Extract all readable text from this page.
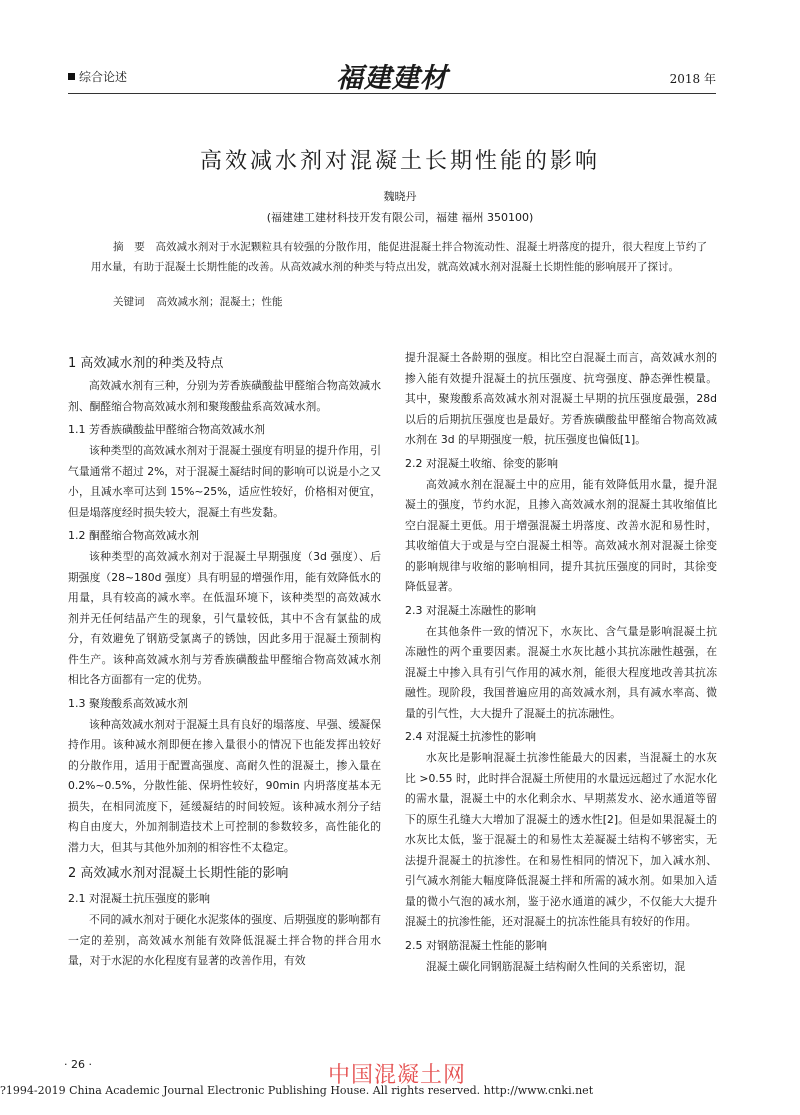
综合论述	福建建材	2018 年
高效减水剂对混凝土长期性能的影响
魏晓丹
(福建建工建材科技开发有限公司，福建 福州 350100)
摘　要　 高效减水剂对于水泥颗粒具有较强的分散作用，能促进混凝土拌合物流动性、混凝土坍落度的提升，很大程度上节约了用水量，有助于混凝土长期性能的改善。从高效减水剂的种类与特点出发，就高效减水剂对混凝土长期性能的影响展开了探讨。
关键词 高效减水剂；混凝土；性能
1 高效减水剂的种类及特点

高效减水剂有三种，分别为芳香族磺酸盐甲醛缩合物高效减水剂、酮醛缩合物高效减水剂和聚羧酸盐系高效减水剂。

1.1 芳香族磺酸盐甲醛缩合物高效减水剂

该种类型的高效减水剂对于混凝土强度有明显的提升作用，引气量通常不超过 2%，对于混凝土凝结时间的影响可以说是小之又小，且减水率可达到 15%~25%，适应性较好，价格相对便宜，但是塌落度经时损失较大，混凝土有些发黏。

1.2 酮醛缩合物高效减水剂

该种类型的高效减水剂对于混凝土早期强度（3d 强度）、后期强度（28~180d 强度）具有明显的增强作用，能有效降低水的用量，具有较高的减水率。在低温环境下，该种类型的高效减水剂并无任何结晶产生的现象，引气量较低，其中不含有氯盐的成分，有效避免了钢筋受氯离子的锈蚀，因此多用于混凝土预制构件生产。该种高效减水剂与芳香族磺酸盐甲醛缩合物高效减水剂相比各方面都有一定的优势。

1.3 聚羧酸系高效减水剂

该种高效减水剂对于混凝土具有良好的塌落度、早强、缓凝保持作用。该种减水剂即便在掺入量很小的情况下也能发挥出较好的分散作用，适用于配置高强度、高耐久性的混凝土，掺入量在 0.2%~0.5%，分散性能、保坍性较好，90min 内坍落度基本无损失，在相同流度下，延缓凝结的时间较短。该种减水剂分子结构自由度大，外加剂制造技术上可控制的参数较多，高性能化的潜力大，但其与其他外加剂的相容性不太稳定。

2 高效减水剂对混凝土长期性能的影响
2.1 对混凝土抗压强度的影响

不同的减水剂对于硬化水泥浆体的强度、后期强度的影响都有一定的差别，高效减水剂能有效降低混凝土拌合物的拌合用水量，对于水泥的水化程度有显著的改善作用，有效

提升混凝土各龄期的强度。相比空白混凝土而言，高效减水剂的掺入能有效提升混凝土的抗压强度、抗弯强度、静态弹性模量。其中，聚羧酸系高效减水剂对混凝土早期的抗压强度最强，28d 以后的后期抗压强度也是最好。芳香族磺酸盐甲醛缩合物高效减水剂在 3d 的早期强度一般，抗压强度也偏低[1]。

2.2 对混凝土收缩、徐变的影响

高效减水剂在混凝土中的应用，能有效降低用水量，提升混凝土的强度，节约水泥，且掺入高效减水剂的混凝土其收缩值比空白混凝土更低。用于增强混凝土坍落度、改善水泥和易性时，其收缩值大于或是与空白混凝土相等。高效减水剂对混凝土徐变的影响规律与收缩的影响相同，提升其抗压强度的同时，其徐变降低显著。

2.3 对混凝土冻融性的影响

在其他条件一致的情况下，水灰比、含气量是影响混凝土抗冻融性的两个重要因素。混凝土水灰比越小其抗冻融性越强，在混凝土中掺入具有引气作用的减水剂，能很大程度地改善其抗冻融性。现阶段，我国普遍应用的高效减水剂，具有减水率高、微量的引气性，大大提升了混凝土的抗冻融性。

2.4 对混凝土抗渗性的影响

水灰比是影响混凝土抗渗性能最大的因素，当混凝土的水灰比 >0.55 时，此时拌合混凝土所使用的水量远远超过了水泥水化的需水量，混凝土中的水化剩余水、早期蒸发水、泌水通道等留下的原生孔缝大大增加了混凝土的透水性[2]。但是如果混凝土的水灰比太低，鉴于混凝土的和易性太差凝凝土结构不够密实，无法提升混凝土的抗渗性。在和易性相同的情况下，加入减水剂、引气减水剂能大幅度降低混凝土拌和所需的减水剂。如果加入适量的微小气泡的减水剂，鉴于泌水通道的减少，不仅能大大提升混凝土的抗渗性能，还对混凝土的抗冻性能具有较好的作用。

2.5 对钢筋混凝土性能的影响

混凝土碳化同钢筋混凝土结构耐久性间的关系密切，混

· 26 ·	中国混凝土网
?1994-2019 China Academic Journal Electronic Publishing House. All rights reserved. http://www.cnki.net
